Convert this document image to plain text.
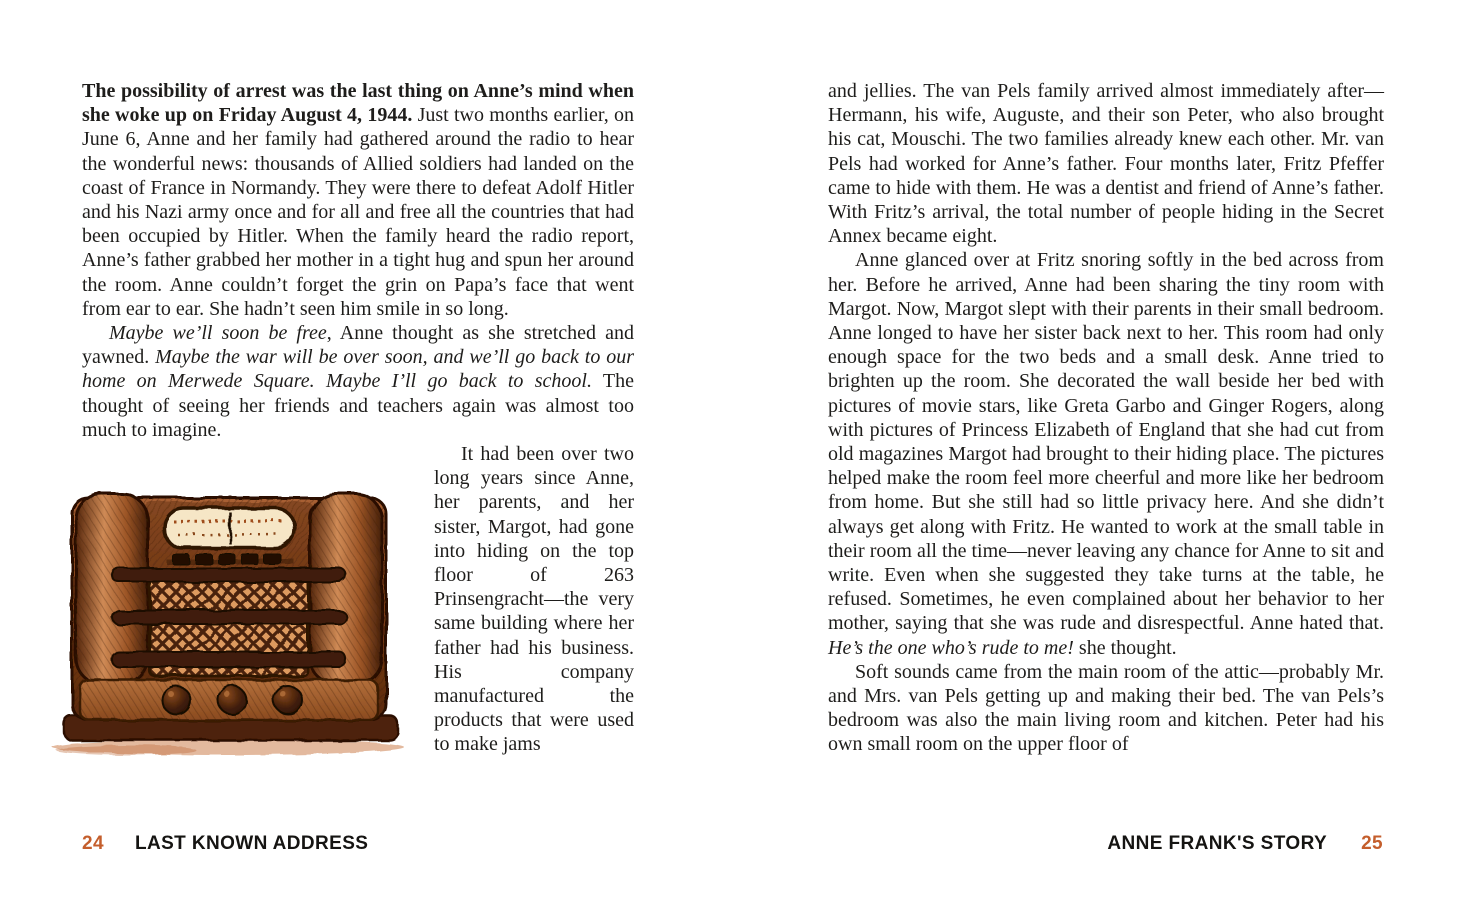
The possibility of arrest was the last thing on Anne’s mind when she woke up on Friday August 4, 1944. Just two months earlier, on June 6, Anne and her family had gathered around the radio to hear the wonderful news: thousands of Allied soldiers had landed on the coast of France in Normandy. They were there to defeat Adolf Hitler and his Nazi army once and for all and free all the countries that had been occupied by Hitler. When the family heard the radio report, Anne’s father grabbed her mother in a tight hug and spun her around the room. Anne couldn’t forget the grin on Papa’s face that went from ear to ear. She hadn’t seen him smile in so long.

Maybe we’ll soon be free, Anne thought as she stretched and yawned. Maybe the war will be over soon, and we’ll go back to our home on Merwede Square. Maybe I’ll go back to school. The thought of seeing her friends and teachers again was almost too much to imagine.

It had been over two long years since Anne, her parents, and her sister, Margot, had gone into hiding on the top floor of 263 Prinsengracht—the very same building where her father had his business. His company manufactured the products that were used to make jams

and jellies. The van Pels family arrived almost immediately after—Hermann, his wife, Auguste, and their son Peter, who also brought his cat, Mouschi. The two families already knew each other. Mr. van Pels had worked for Anne’s father. Four months later, Fritz Pfeffer came to hide with them. He was a dentist and friend of Anne’s father. With Fritz’s arrival, the total number of people hiding in the Secret Annex became eight.

Anne glanced over at Fritz snoring softly in the bed across from her. Before he arrived, Anne had been sharing the tiny room with Margot. Now, Margot slept with their parents in their small bedroom. Anne longed to have her sister back next to her. This room had only enough space for the two beds and a small desk. Anne tried to brighten up the room. She decorated the wall beside her bed with pictures of movie stars, like Greta Garbo and Ginger Rogers, along with pictures of Princess Elizabeth of England that she had cut from old magazines Margot had brought to their hiding place. The pictures helped make the room feel more cheerful and more like her bedroom from home. But she still had so little privacy here. And she didn’t always get along with Fritz. He wanted to work at the small table in their room all the time—never leaving any chance for Anne to sit and write. Even when she suggested they take turns at the table, he refused. Sometimes, he even complained about her behavior to her mother, saying that she was rude and disrespectful. Anne hated that. He’s the one who’s rude to me! she thought.

Soft sounds came from the main room of the attic—probably Mr. and Mrs. van Pels getting up and making their bed. The van Pels’s bedroom was also the main living room and kitchen. Peter had his own small room on the upper floor of

24 LAST KNOWN ADDRESS	ANNE FRANK'S STORY 25
